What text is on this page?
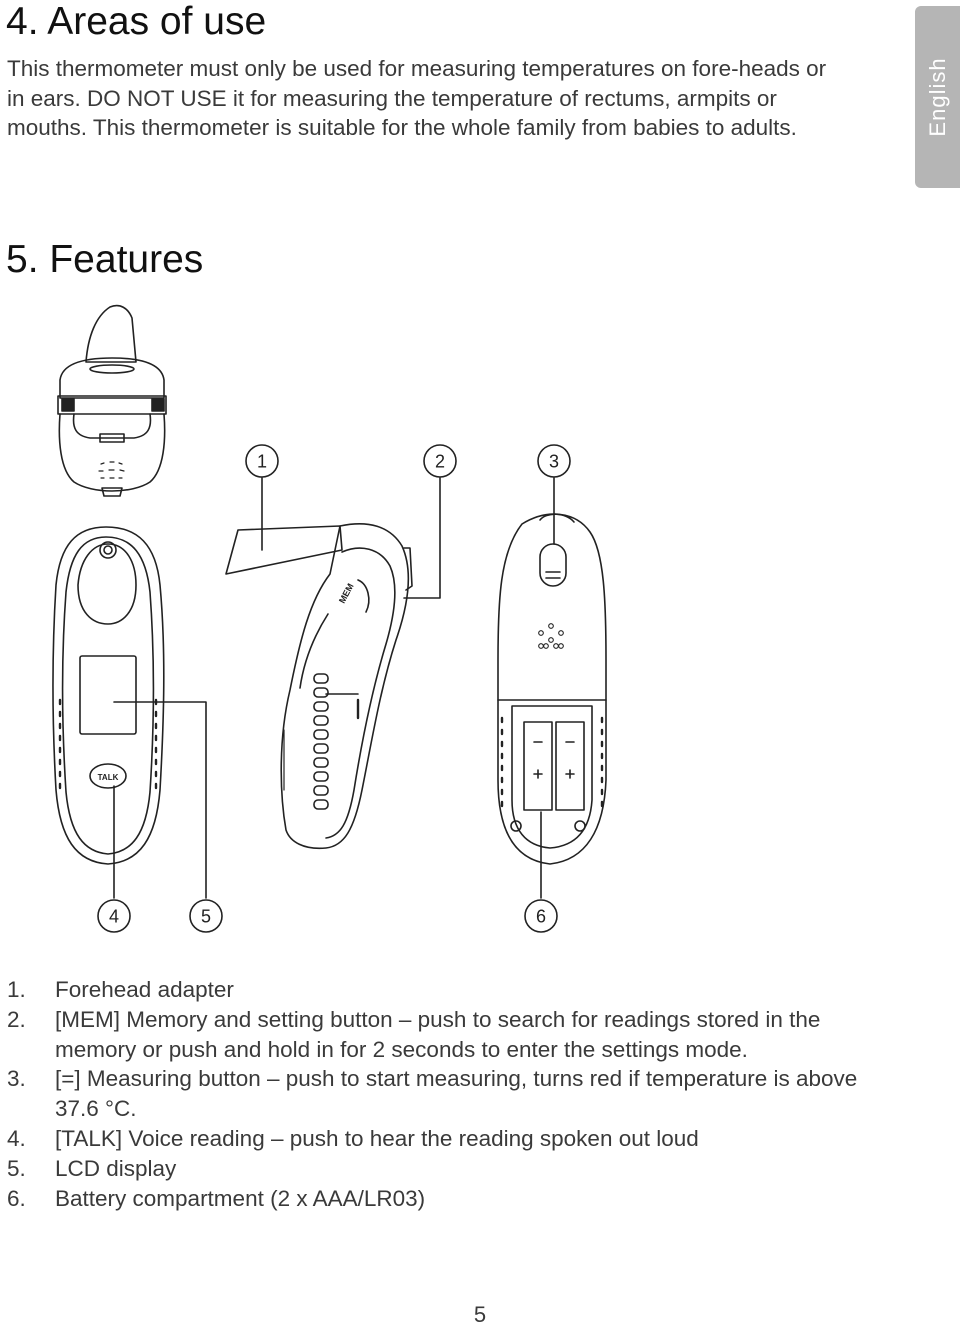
4. Areas of use

This thermometer must only be used for measuring temperatures on fore-heads or in ears. DO NOT USE it for measuring the temperature of rectums, armpits or mouths. This thermometer is suitable for the whole family from babies to adults.	English
5. Features
TALK
MEM
1	2	3
4	5	6
1. Forehead adapter
2. [MEM] Memory and setting button – push to search for readings stored in the memory or push and hold in for 2 seconds to enter the settings mode.
3. [=] Measuring button – push to start measuring, turns red if temperature is above 37.6 °C.
4. [TALK] Voice reading – push to hear the reading spoken out loud
5. LCD display
6. Battery compartment (2 x AAA/LR03)
5
